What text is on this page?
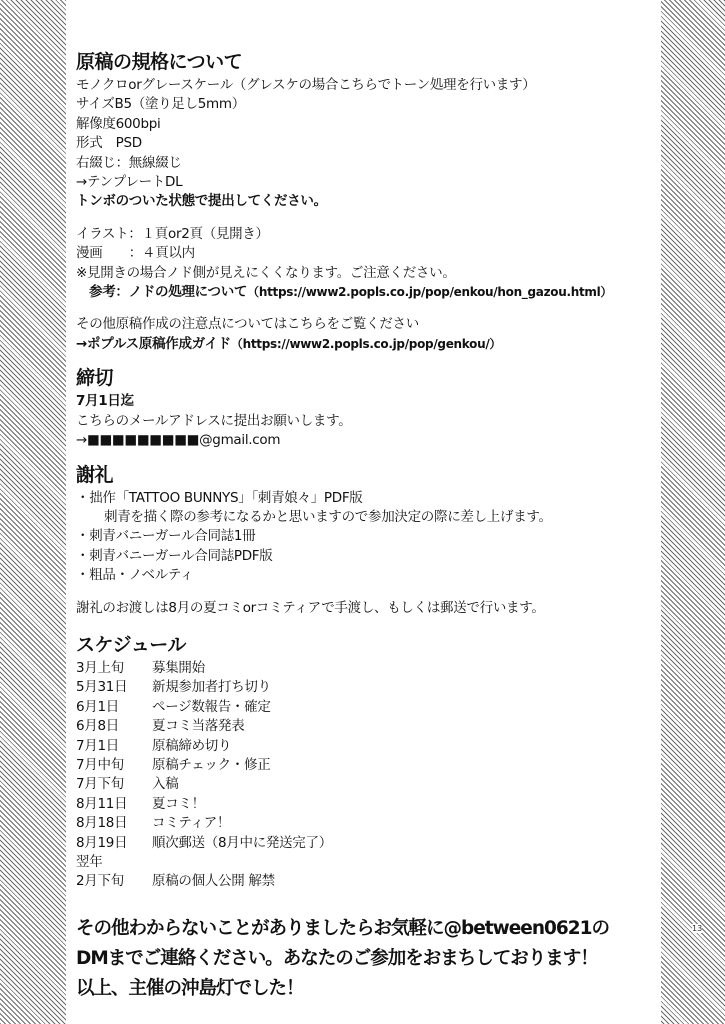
原稿の規格について
モノクロorグレースケール（グレスケの場合こちらでトーン処理を行います）
サイズB5（塗り足し5mm）
解像度600bpi
形式　PSD
右綴じ：無線綴じ
→テンプレートDL
トンボのついた状態で提出してください。
イラスト：１頁or2頁（見開き）
漫画　　：４頁以内
※見開きの場合ノド側が見えにくくなります。ご注意ください。
参考：ノドの処理について（https://www2.popls.co.jp/pop/enkou/hon_gazou.html）
その他原稿作成の注意点についてはこちらをご覧ください
→ポプルス原稿作成ガイド（https://www2.popls.co.jp/pop/genkou/）
締切
7月1日迄
こちらのメールアドレスに提出お願いします。
→■■■■■■■■■@gmail.com
謝礼
・拙作「TATTOO BUNNYS」「刺青娘々」PDF版
刺青を描く際の参考になるかと思いますので参加決定の際に差し上げます。
・刺青バニーガール合同誌1冊
・刺青バニーガール合同誌PDF版
・粗品・ノベルティ
謝礼のお渡しは8月の夏コミorコミティアで手渡し、もしくは郵送で行います。
スケジュール
3月上旬	募集開始
5月31日	新規参加者打ち切り
6月1日	ページ数報告・確定
6月8日	夏コミ当落発表
7月1日	原稿締め切り
7月中旬	原稿チェック・修正
7月下旬	入稿
8月11日	夏コミ！
8月18日	コミティア！
8月19日	順次郵送（8月中に発送完了）
翌年
2月下旬	原稿の個人公開 解禁
その他わからないことがありましたらお気軽に@between0621の
DMまでご連絡ください。あなたのご参加をおまちしております！
以上、主催の沖島灯でした！
13
